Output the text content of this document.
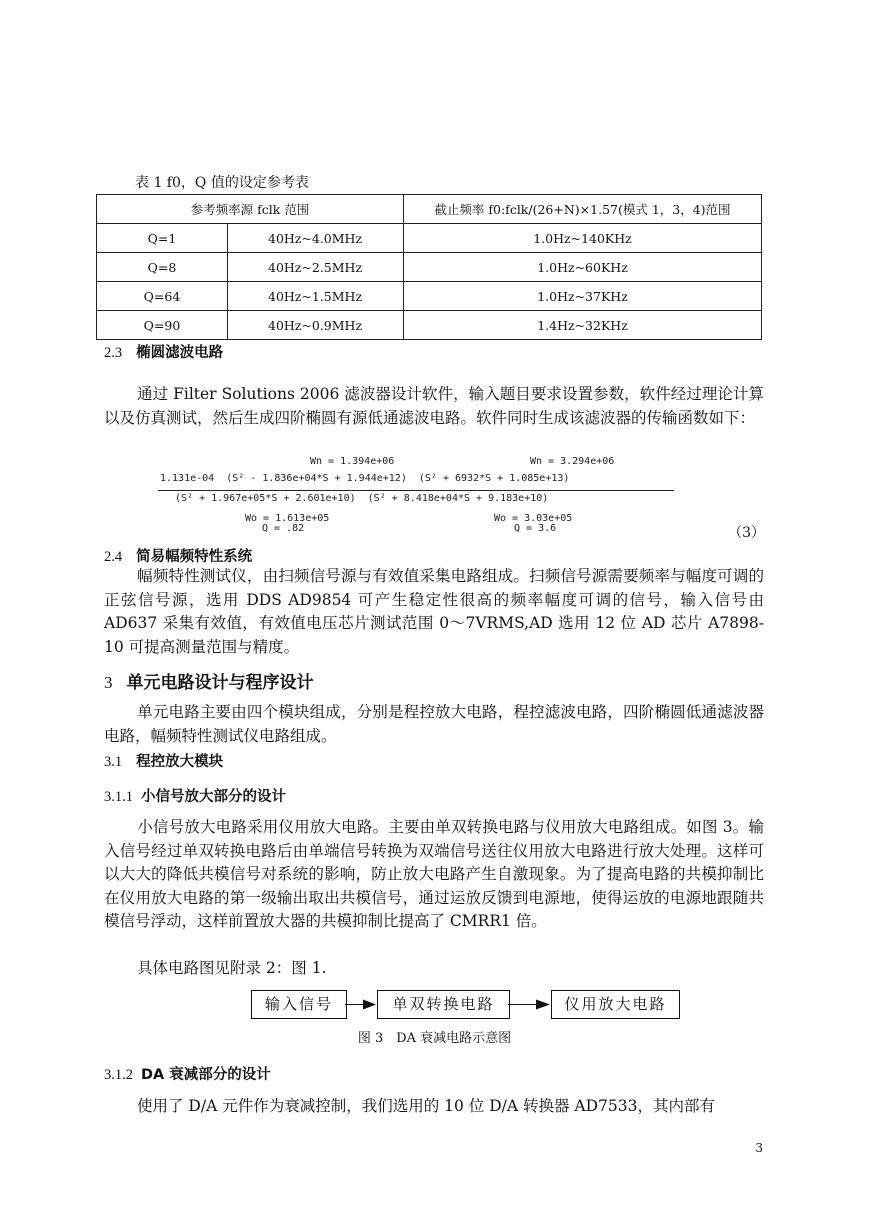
表 1 f0，Q 值的设定参考表
参考频率源 fclk 范围		截止频率 f0:fclk/(26+N)×1.57(模式 1，3，4)范围
Q=1	40Hz~4.0MHz	1.0Hz~140KHz
Q=8	40Hz~2.5MHz	1.0Hz~60KHz
Q=64	40Hz~1.5MHz	1.0Hz~37KHz
Q=90	40Hz~0.9MHz	1.4Hz~32KHz
2.3 椭圆滤波电路
通过 Filter Solutions 2006 滤波器设计软件，输入题目要求设置参数，软件经过理论计算以及仿真测试，然后生成四阶椭圆有源低通滤波电路。软件同时生成该滤波器的传输函数如下：
Wn = 1.394e+06	Wn = 3.294e+06
1.131e-04  (S² - 1.836e+04*S + 1.944e+12)  (S² + 6932*S + 1.085e+13)
(S² + 1.967e+05*S + 2.601e+10)  (S² + 8.418e+04*S + 9.183e+10)
Wo = 1.613e+05
Q = .82
Wo = 3.03e+05
Q = 3.6	（3）
2.4 简易幅频特性系统
幅频特性测试仪，由扫频信号源与有效值采集电路组成。扫频信号源需要频率与幅度可调的正弦信号源，选用 DDS AD9854 可产生稳定性很高的频率幅度可调的信号，输入信号由 AD637 采集有效值，有效值电压芯片测试范围 0～7VRMS,AD 选用 12 位 AD 芯片 A7898-10 可提高测量范围与精度。
3 单元电路设计与程序设计
单元电路主要由四个模块组成，分别是程控放大电路，程控滤波电路，四阶椭圆低通滤波器电路，幅频特性测试仪电路组成。
3.1 程控放大模块
3.1.1 小信号放大部分的设计
小信号放大电路采用仪用放大电路。主要由单双转换电路与仪用放大电路组成。如图 3。输入信号经过单双转换电路后由单端信号转换为双端信号送往仪用放大电路进行放大处理。这样可以大大的降低共模信号对系统的影响，防止放大电路产生自激现象。为了提高电路的共模抑制比在仪用放大电路的第一级输出取出共模信号，通过运放反馈到电源地，使得运放的电源地跟随共模信号浮动，这样前置放大器的共模抑制比提高了 CMRR1 倍。
具体电路图见附录 2：图 1.
输入信号	单双转换电路	仪用放大电路
图 3　DA 衰减电路示意图
3.1.2 DA 衰减部分的设计
使用了 D/A 元件作为衰减控制，我们选用的 10 位 D/A 转换器 AD7533，其内部有
3
